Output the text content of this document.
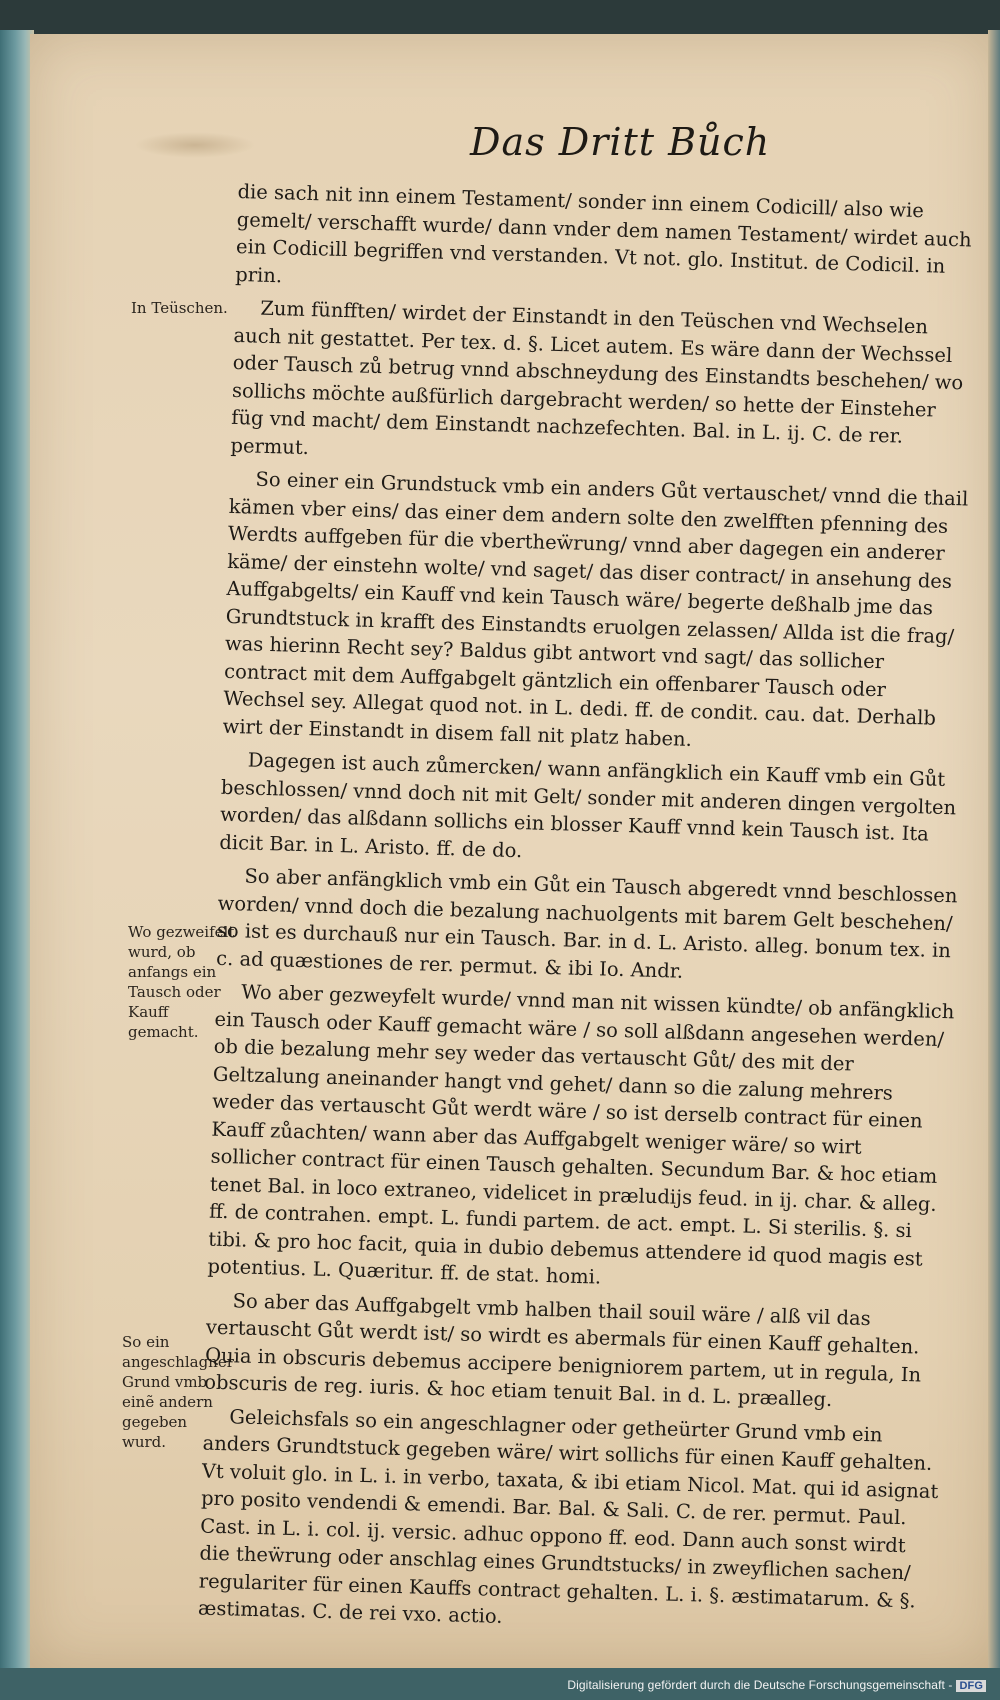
Das Dritt Bůch
In Teüschen.
Wo gezweifelt wurd, ob anfangs ein Tausch oder Kauff gemacht.
So ein angeschlagner Grund vmb einẽ andern gegeben wurd.

die sach nit inn einem Testament/ sonder inn einem Codicill/ also wie gemelt/ verschafft wurde/ dann vnder dem namen Testament/ wirdet auch ein Codicill begriffen vnd verstanden. Vt not. glo. Institut. de Codicil. in prin.

Zum fünfften/ wirdet der Einstandt in den Teüschen vnd Wechselen auch nit gestattet. Per tex. d. §. Licet autem. Es wäre dann der Wechssel oder Tausch zů betrug vnnd abschneydung des Einstandts beschehen/ wo sollichs möchte außfürlich dargebracht werden/ so hette der Einsteher füg vnd macht/ dem Einstandt nachzefechten. Bal. in L. ij. C. de rer. permut.

So einer ein Grundstuck vmb ein anders Gůt vertauschet/ vnnd die thail kämen vber eins/ das einer dem andern solte den zwelfften pfenning des Werdts auffgeben für die vbertheẅrung/ vnnd aber dagegen ein anderer käme/ der einstehn wolte/ vnd saget/ das diser contract/ in ansehung des Auffgabgelts/ ein Kauff vnd kein Tausch wäre/ begerte deßhalb jme das Grundtstuck in krafft des Einstandts eruolgen zelassen/ Allda ist die frag/ was hierinn Recht sey? Baldus gibt antwort vnd sagt/ das sollicher contract mit dem Auffgabgelt gäntzlich ein offenbarer Tausch oder Wechsel sey. Allegat quod not. in L. dedi. ff. de condit. cau. dat. Derhalb wirt der Einstandt in disem fall nit platz haben.

Dagegen ist auch zůmercken/ wann anfängklich ein Kauff vmb ein Gůt beschlossen/ vnnd doch nit mit Gelt/ sonder mit anderen dingen vergolten worden/ das alßdann sollichs ein blosser Kauff vnnd kein Tausch ist. Ita dicit Bar. in L. Aristo. ff. de do.

So aber anfängklich vmb ein Gůt ein Tausch abgeredt vnnd beschlossen worden/ vnnd doch die bezalung nachuolgents mit barem Gelt beschehen/ so ist es durchauß nur ein Tausch. Bar. in d. L. Aristo. alleg. bonum tex. in c. ad quæstiones de rer. permut. & ibi Io. Andr.

Wo aber gezweyfelt wurde/ vnnd man nit wissen kündte/ ob anfängklich ein Tausch oder Kauff gemacht wäre / so soll alßdann angesehen werden/ ob die bezalung mehr sey weder das vertauscht Gůt/ des mit der Geltzalung aneinander hangt vnd gehet/ dann so die zalung mehrers weder das vertauscht Gůt werdt wäre / so ist derselb contract für einen Kauff zůachten/ wann aber das Auffgabgelt weniger wäre/ so wirt sollicher contract für einen Tausch gehalten. Secundum Bar. & hoc etiam tenet Bal. in loco extraneo, videlicet in præludijs feud. in ij. char. & alleg. ff. de contrahen. empt. L. fundi partem. de act. empt. L. Si sterilis. §. si tibi. & pro hoc facit, quia in dubio debemus attendere id quod magis est potentius. L. Quæritur. ff. de stat. homi.

So aber das Auffgabgelt vmb halben thail souil wäre / alß vil das vertauscht Gůt werdt ist/ so wirdt es abermals für einen Kauff gehalten. Quia in obscuris debemus accipere benigniorem partem, ut in regula, In obscuris de reg. iuris. & hoc etiam tenuit Bal. in d. L. præalleg.

Geleichsfals so ein angeschlagner oder getheürter Grund vmb ein anders Grundtstuck gegeben wäre/ wirt sollichs für einen Kauff gehalten. Vt voluit glo. in L. i. in verbo, taxata, & ibi etiam Nicol. Mat. qui id asignat pro posito vendendi & emendi. Bar. Bal. & Sali. C. de rer. permut. Paul. Cast. in L. i. col. ij. versic. adhuc oppono ff. eod. Dann auch sonst wirdt die theẅrung oder anschlag eines Grundtstucks/ in zweyflichen sachen/ regulariter für einen Kauffs contract gehalten. L. i. §. æstimatarum. & §. æstimatas. C. de rei vxo. actio.

Digitalisierung gefördert durch die Deutsche Forschungsgemeinschaft - DFG
